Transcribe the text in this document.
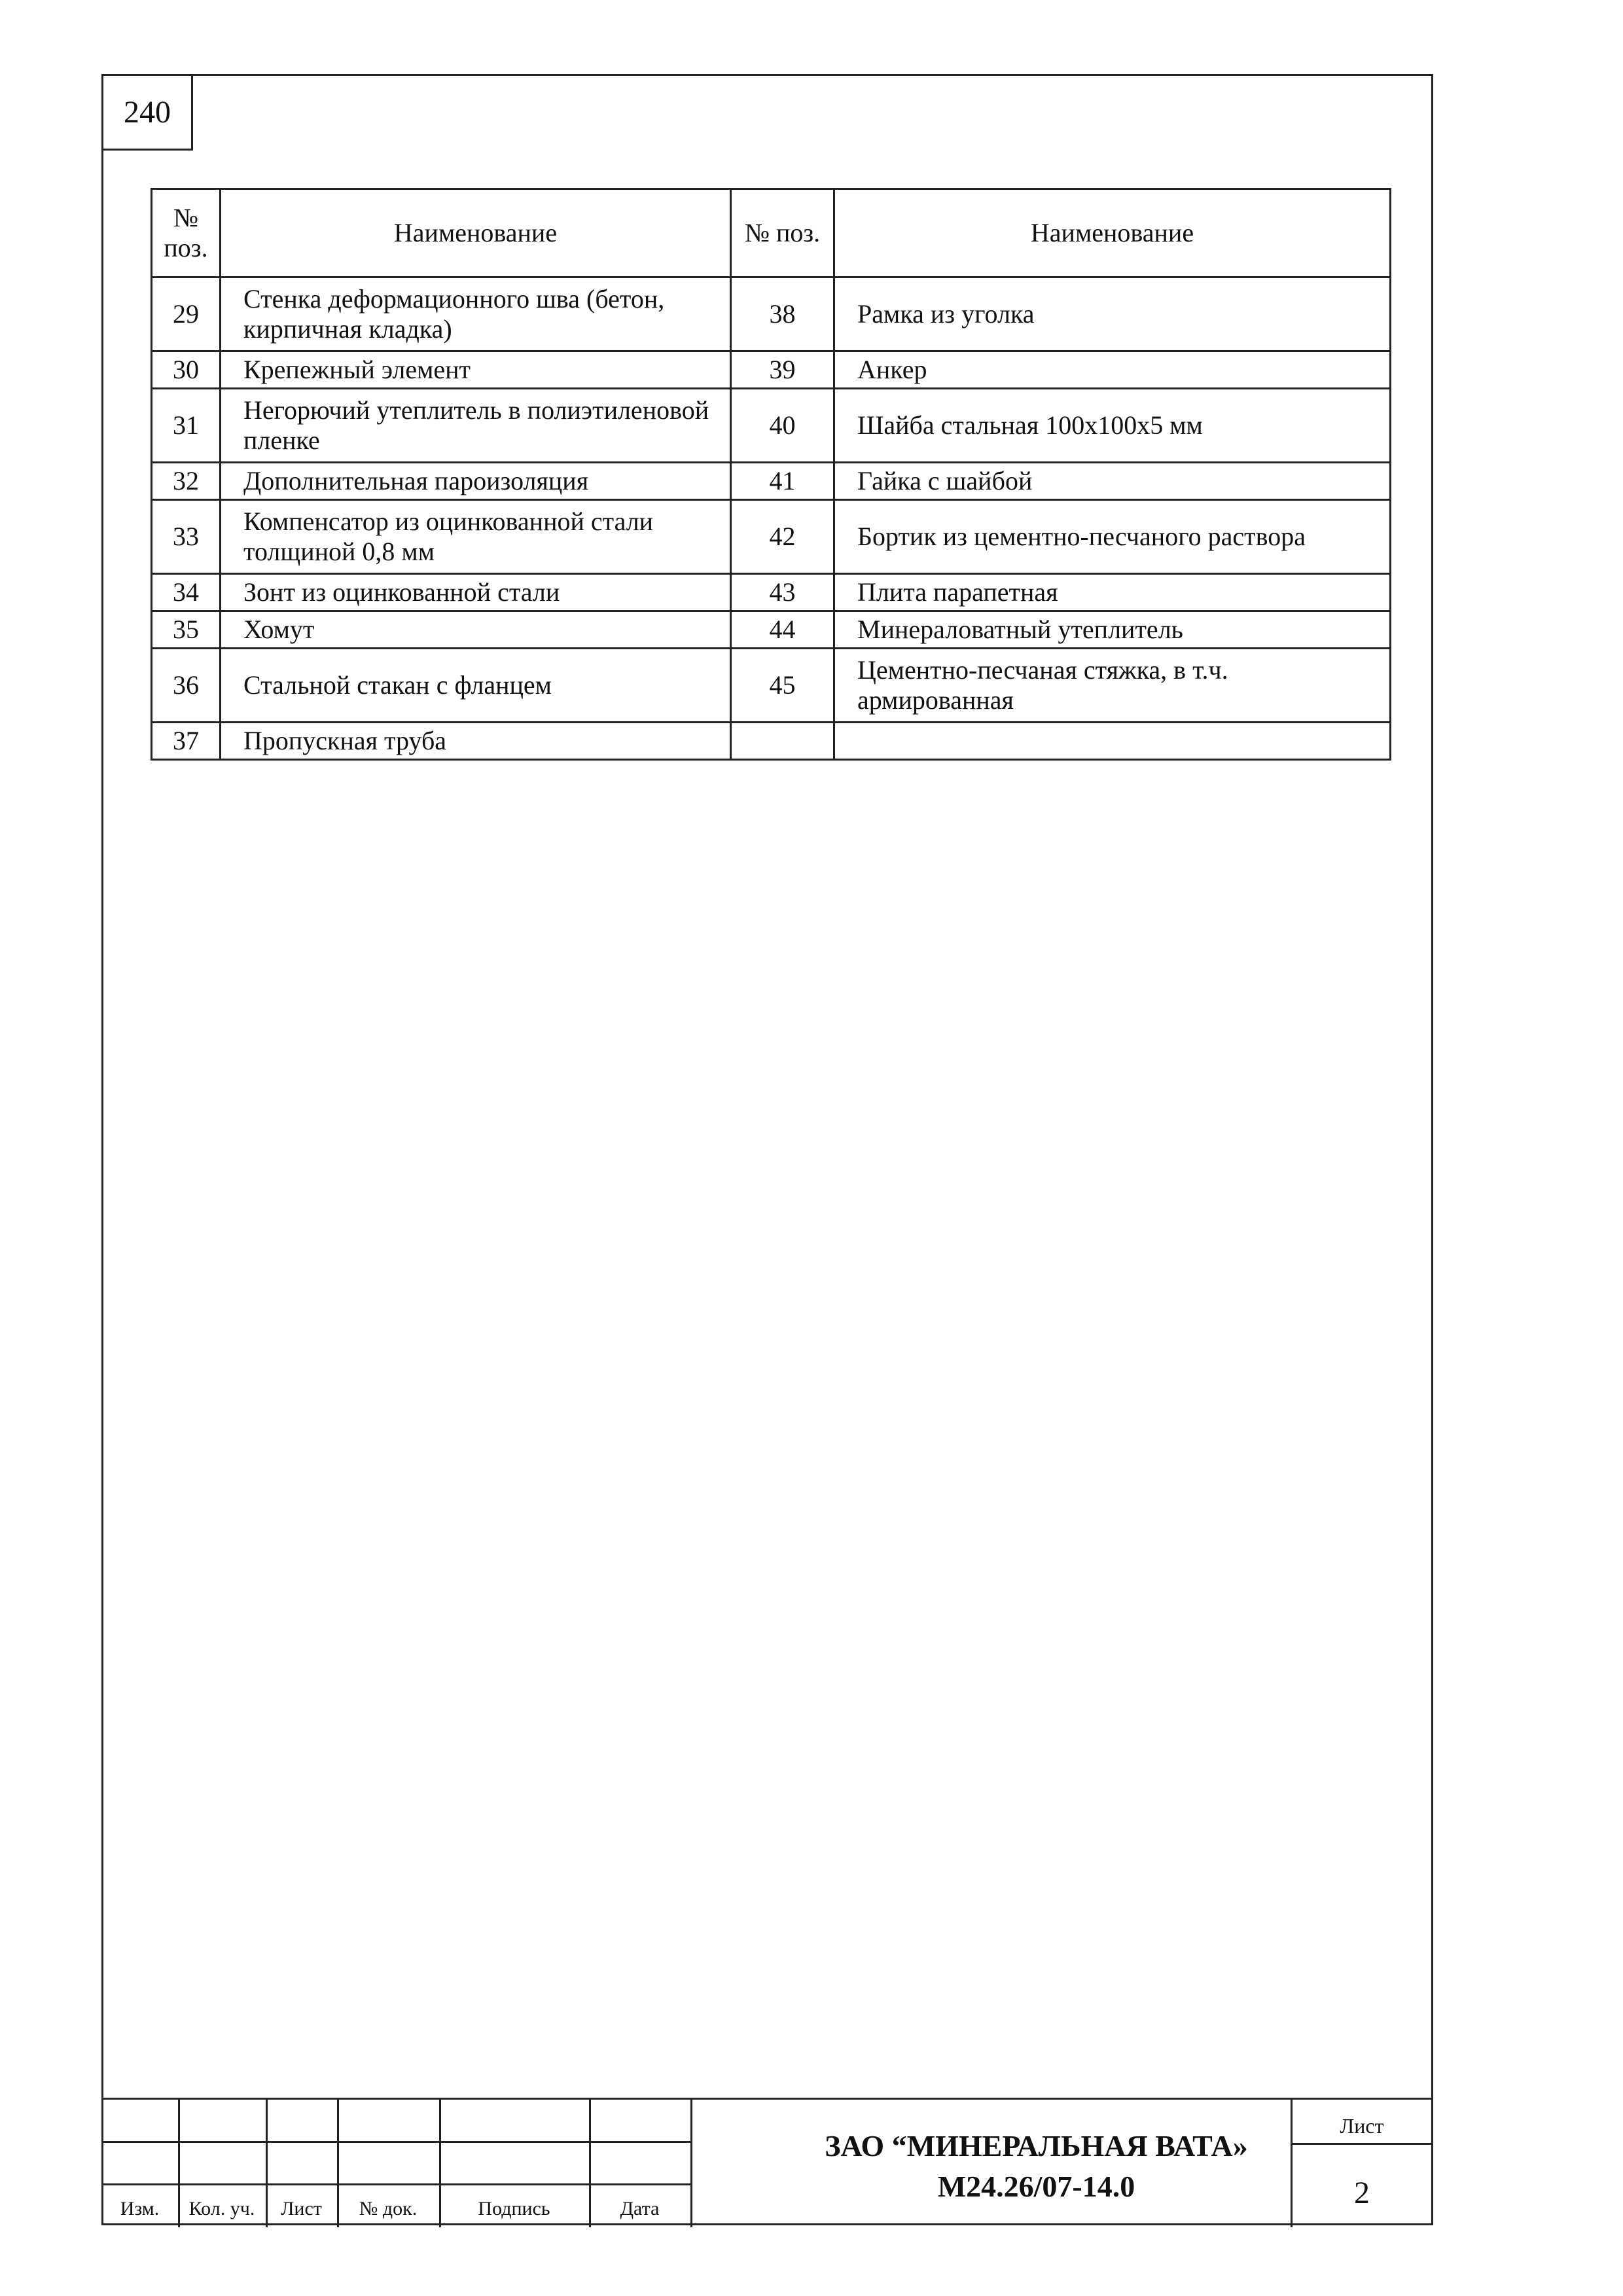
240
№ поз.	Наименование	№ поз.	Наименование
29	Стенка деформационного шва (бетон, кирпичная кладка)	38	Рамка из уголка
30	Крепежный элемент	39	Анкер
31	Негорючий утеплитель в полиэтиленовой пленке	40	Шайба стальная 100х100х5 мм
32	Дополнительная пароизоляция	41	Гайка с шайбой
33	Компенсатор из оцинкованной стали толщиной 0,8 мм	42	Бортик из цементно-песчаного раствора
34	Зонт из оцинкованной стали	43	Плита парапетная
35	Хомут	44	Минераловатный утеплитель
36	Стальной стакан с фланцем	45	Цементно-песчаная стяжка, в т.ч. армированная
37	Пропускная труба		
Изм.	Кол. уч.	Лист	№ док.	Подпись	Дата
ЗАО “МИНЕРАЛЬНАЯ ВАТА»
М24.26/07-14.0
Лист
2
